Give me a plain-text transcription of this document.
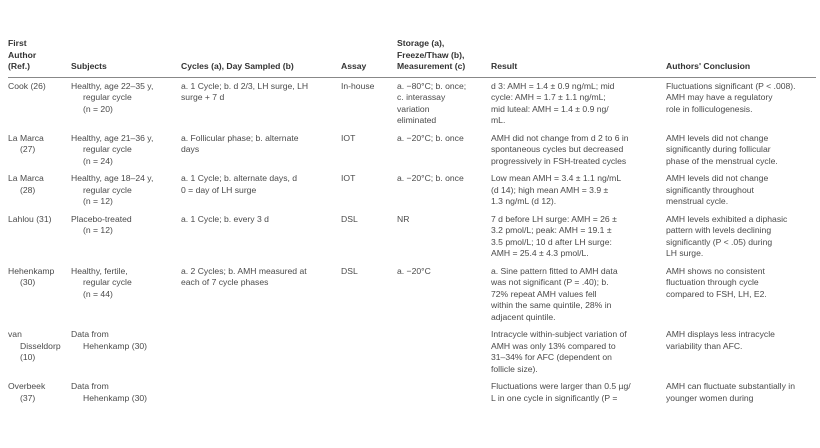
First
Author
(Ref.)	Subjects	Cycles (a), Day Sampled (b)	Assay	Storage (a),
Freeze/Thaw (b),
Measurement (c)	Result	Authors' Conclusion

Cook (26)	Healthy, age 22–35 y,
regular cycle
(n = 20)	a. 1 Cycle; b. d 2/3, LH surge, LH
surge + 7 d	In-house	a. −80°C; b. once;
c. interassay
variation
eliminated	d 3: AMH = 1.4 ± 0.9 ng/mL; mid
cycle: AMH = 1.7 ± 1.1 ng/mL;
mid luteal: AMH = 1.4 ± 0.9 ng/
mL.	Fluctuations significant (P < .008).
AMH may have a regulatory
role in folliculogenesis.

La Marca
(27)	Healthy, age 21–36 y,
regular cycle
(n = 24)	a. Follicular phase; b. alternate
days	IOT	a. −20°C; b. once	AMH did not change from d 2 to 6 in
spontaneous cycles but decreased
progressively in FSH-treated cycles	AMH levels did not change
significantly during follicular
phase of the menstrual cycle.

La Marca
(28)	Healthy, age 18–24 y,
regular cycle
(n = 12)	a. 1 Cycle; b. alternate days, d
0 = day of LH surge	IOT	a. −20°C; b. once	Low mean AMH = 3.4 ± 1.1 ng/mL
(d 14); high mean AMH = 3.9 ±
1.3 ng/mL (d 12).	AMH levels did not change
significantly throughout
menstrual cycle.

Lahlou (31)	Placebo-treated
(n = 12)	a. 1 Cycle; b. every 3 d	DSL	NR	7 d before LH surge: AMH = 26 ±
3.2 pmol/L; peak: AMH = 19.1 ±
3.5 pmol/L; 10 d after LH surge:
AMH = 25.4 ± 4.3 pmol/L.	AMH levels exhibited a diphasic
pattern with levels declining
significantly (P < .05) during
LH surge.

Hehenkamp
(30)	Healthy, fertile,
regular cycle
(n = 44)	a. 2 Cycles; b. AMH measured at
each of 7 cycle phases	DSL	a. −20°C	a. Sine pattern fitted to AMH data
was not significant (P = .40); b.
72% repeat AMH values fell
within the same quintile, 28% in
adjacent quintile.	AMH shows no consistent
fluctuation through cycle
compared to FSH, LH, E2.

van
Disseldorp
(10)	Data from
Hehenkamp (30)				Intracycle within-subject variation of
AMH was only 13% compared to
31–34% for AFC (dependent on
follicle size).	AMH displays less intracycle
variability than AFC.

Overbeek
(37)	Data from
Hehenkamp (30)				Fluctuations were larger than 0.5 µg/
L in one cycle in significantly (P =	AMH can fluctuate substantially in
younger women during
